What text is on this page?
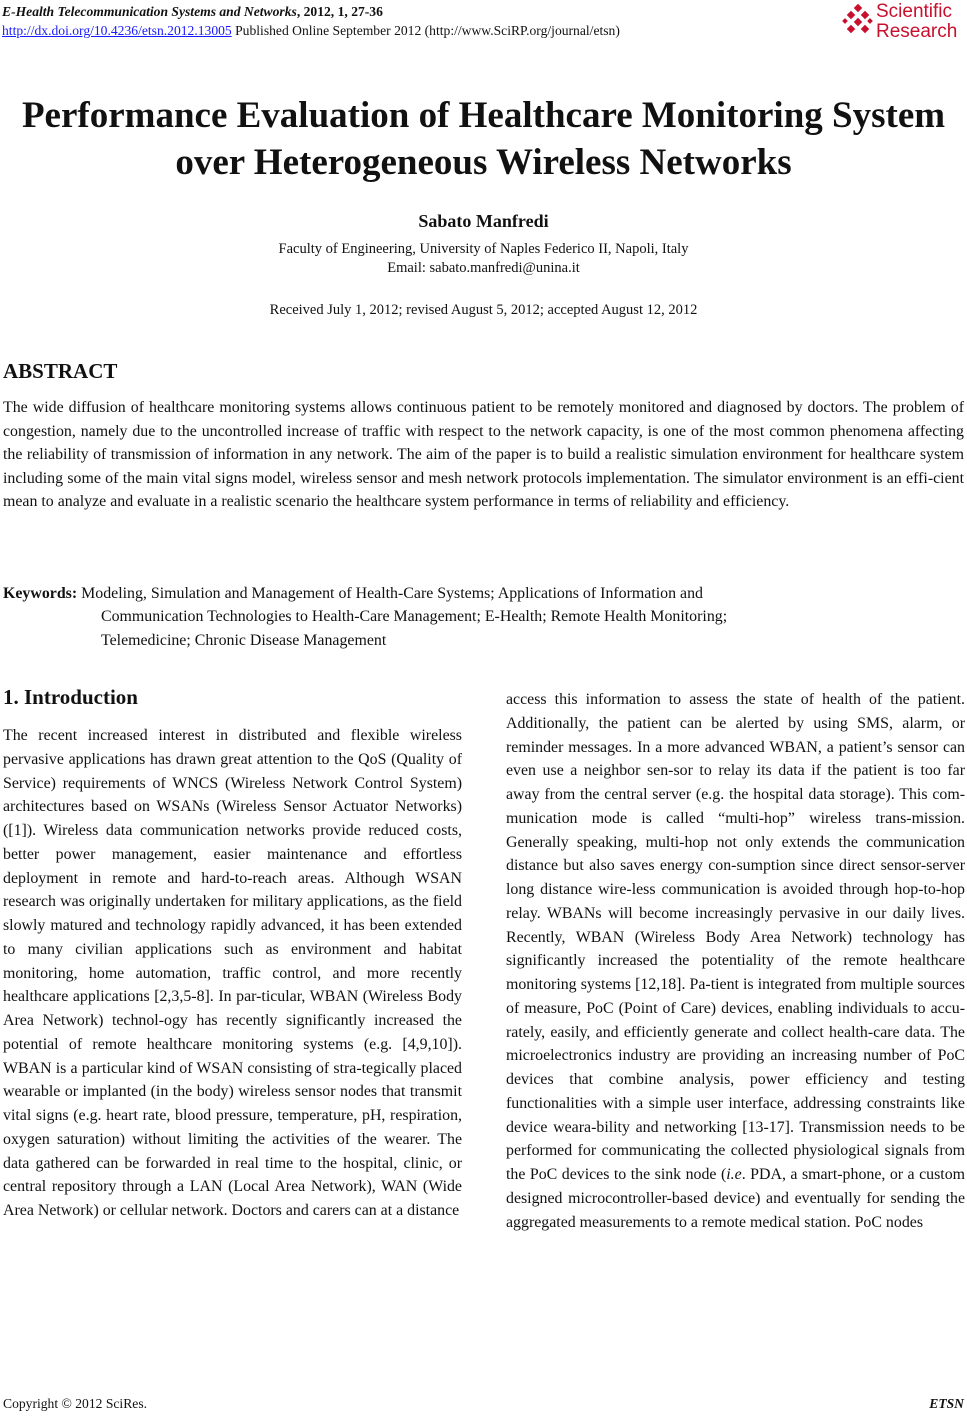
E-Health Telecommunication Systems and Networks, 2012, 1, 27-36
http://dx.doi.org/10.4236/etsn.2012.13005 Published Online September 2012 (http://www.SciRP.org/journal/etsn)
Scientific
Research
Performance Evaluation of Healthcare Monitoring System
over Heterogeneous Wireless Networks
Sabato Manfredi
Faculty of Engineering, University of Naples Federico II, Napoli, Italy
Email: sabato.manfredi@unina.it
Received July 1, 2012; revised August 5, 2012; accepted August 12, 2012
ABSTRACT
The wide diffusion of healthcare monitoring systems allows continuous patient to be remotely monitored and diagnosed by doctors. The problem of congestion, namely due to the uncontrolled increase of traffic with respect to the network capacity, is one of the most common phenomena affecting the reliability of transmission of information in any network. The aim of the paper is to build a realistic simulation environment for healthcare system including some of the main vital signs model, wireless sensor and mesh network protocols implementation. The simulator environment is an effi-cient mean to analyze and evaluate in a realistic scenario the healthcare system performance in terms of reliability and efficiency.
Keywords: Modeling, Simulation and Management of Health-Care Systems; Applications of Information and
Communication Technologies to Health-Care Management; E-Health; Remote Health Monitoring;
Telemedicine; Chronic Disease Management
1. Introduction
The recent increased interest in distributed and flexible wireless pervasive applications has drawn great attention to the QoS (Quality of Service) requirements of WNCS (Wireless Network Control System) architectures based on WSANs (Wireless Sensor Actuator Networks) ([1]). Wireless data communication networks provide reduced costs, better power management, easier maintenance and effortless deployment in remote and hard-to-reach areas. Although WSAN research was originally undertaken for military applications, as the field slowly matured and technology rapidly advanced, it has been extended to many civilian applications such as environment and habitat monitoring, home automation, traffic control, and more recently healthcare applications [2,3,5-8]. In par-ticular, WBAN (Wireless Body Area Network) technol-ogy has recently significantly increased the potential of remote healthcare monitoring systems (e.g. [4,9,10]). WBAN is a particular kind of WSAN consisting of stra-tegically placed wearable or implanted (in the body) wireless sensor nodes that transmit vital signs (e.g. heart rate, blood pressure, temperature, pH, respiration, oxygen saturation) without limiting the activities of the wearer. The data gathered can be forwarded in real time to the hospital, clinic, or central repository through a LAN (Local Area Network), WAN (Wide Area Network) or cellular network. Doctors and carers can at a distance
access this information to assess the state of health of the patient. Additionally, the patient can be alerted by using SMS, alarm, or reminder messages. In a more advanced WBAN, a patient’s sensor can even use a neighbor sen-sor to relay its data if the patient is too far away from the central server (e.g. the hospital data storage). This com-munication mode is called “multi-hop” wireless trans-mission. Generally speaking, multi-hop not only extends the communication distance but also saves energy con-sumption since direct sensor-server long distance wire-less communication is avoided through hop-to-hop relay. WBANs will become increasingly pervasive in our daily lives. Recently, WBAN (Wireless Body Area Network) technology has significantly increased the potentiality of the remote healthcare monitoring systems [12,18]. Pa-tient is integrated from multiple sources of measure, PoC (Point of Care) devices, enabling individuals to accu-rately, easily, and efficiently generate and collect health-care data. The microelectronics industry are providing an increasing number of PoC devices that combine analysis, power efficiency and testing functionalities with a simple user interface, addressing constraints like device weara-bility and networking [13-17]. Transmission needs to be performed for communicating the collected physiological signals from the PoC devices to the sink node (i.e. PDA, a smart-phone, or a custom designed microcontroller-based device) and eventually for sending the aggregated measurements to a remote medical station. PoC nodes
Copyright © 2012 SciRes.	ETSN
